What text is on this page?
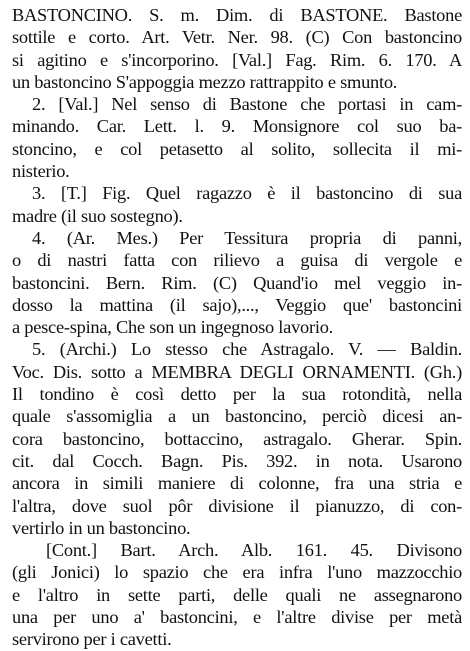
BASTONCINO. S. m. Dim. di BASTONE. Bastone
sottile e corto. Art. Vetr. Ner. 98. (C) Con bastoncino
si agitino e s'incorporino. [Val.] Fag. Rim. 6. 170. A
un bastoncino S'appoggia mezzo rattrappito e smunto.
2. [Val.] Nel senso di Bastone che portasi in cam-
minando. Car. Lett. l. 9. Monsignore col suo ba-
stoncino, e col petasetto al solito, sollecita il mi-
nisterio.
3. [T.] Fig. Quel ragazzo è il bastoncino di sua
madre (il suo sostegno).
4. (Ar. Mes.) Per Tessitura propria di panni,
o di nastri fatta con rilievo a guisa di vergole e
bastoncini. Bern. Rim. (C) Quand'io mel veggio in-
dosso la mattina (il sajo),..., Veggio que' bastoncini
a pesce-spina, Che son un ingegnoso lavorio.
5. (Archi.) Lo stesso che Astragalo. V. — Baldin.
Voc. Dis. sotto a MEMBRA DEGLI ORNAMENTI. (Gh.)
Il tondino è così detto per la sua rotondità, nella
quale s'assomiglia a un bastoncino, perciò dicesi an-
cora bastoncino, bottaccino, astragalo. Gherar. Spin.
cit. dal Cocch. Bagn. Pis. 392. in nota. Usarono
ancora in simili maniere di colonne, fra una stria e
l'altra, dove suol pôr divisione il pianuzzo, di con-
vertirlo in un bastoncino.
[Cont.] Bart. Arch. Alb. 161. 45. Divisono
(gli Jonici) lo spazio che era infra l'uno mazzocchio
e l'altro in sette parti, delle quali ne assegnarono
una per uno a' bastoncini, e l'altre divise per metà
servirono per i cavetti.
